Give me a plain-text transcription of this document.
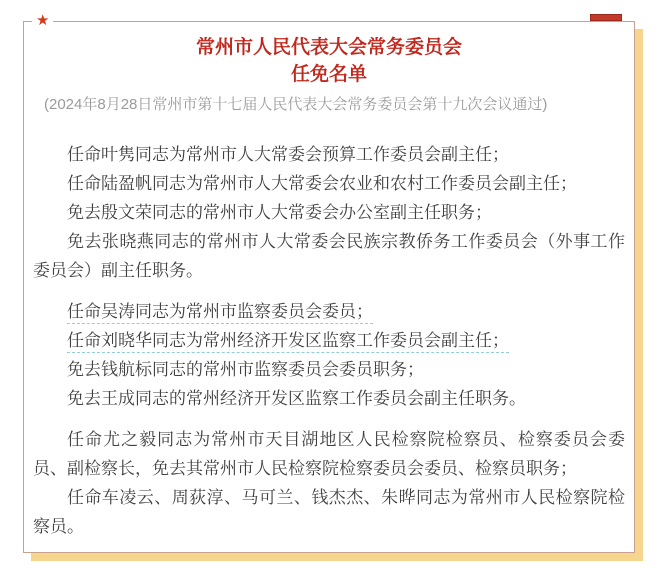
★
常州市人民代表大会常务委员会
任免名单

(2024年8月28日常州市第十七届人民代表大会常务委员会第十九次会议通过)

任命叶隽同志为常州市人大常委会预算工作委员会副主任；

任命陆盈帆同志为常州市人大常委会农业和农村工作委员会副主任；

免去殷文荣同志的常州市人大常委会办公室副主任职务；

免去张晓燕同志的常州市人大常委会民族宗教侨务工作委员会（外事工作委员会）副主任职务。

任命吴涛同志为常州市监察委员会委员；

任命刘晓华同志为常州经济开发区监察工作委员会副主任；

免去钱航标同志的常州市监察委员会委员职务；

免去王成同志的常州经济开发区监察工作委员会副主任职务。

任命尤之毅同志为常州市天目湖地区人民检察院检察员、检察委员会委员、副检察长，免去其常州市人民检察院检察委员会委员、检察员职务；

任命车凌云、周荻淳、马可兰、钱杰杰、朱晔同志为常州市人民检察院检察员。
